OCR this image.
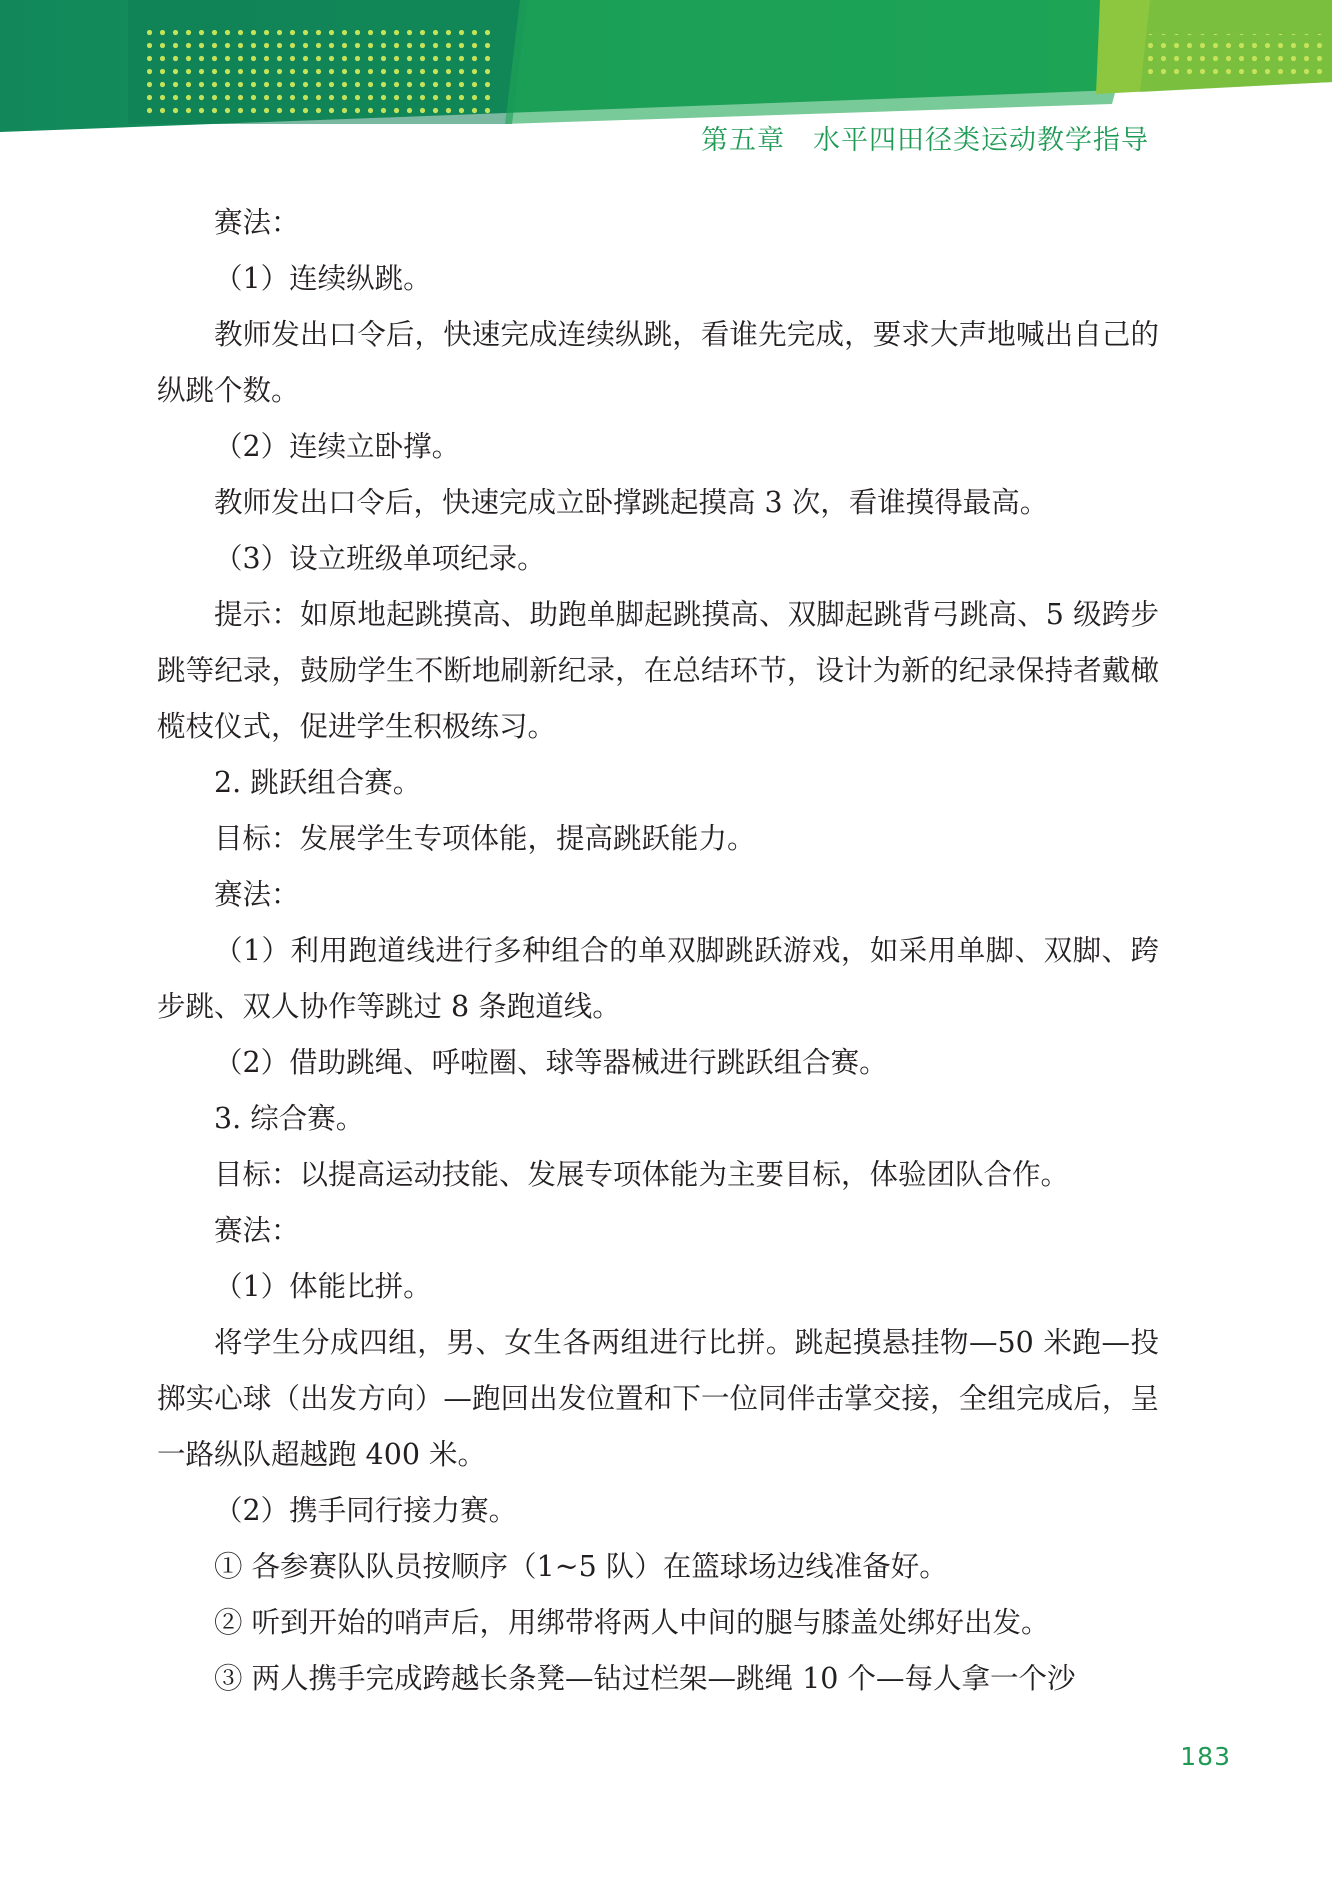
第五章　水平四田径类运动教学指导

赛法：

（1）连续纵跳。

教师发出口令后，快速完成连续纵跳，看谁先完成，要求大声地喊出自己的纵跳个数。

（2）连续立卧撑。

教师发出口令后，快速完成立卧撑跳起摸高 3 次，看谁摸得最高。

（3）设立班级单项纪录。

提示：如原地起跳摸高、助跑单脚起跳摸高、双脚起跳背弓跳高、5 级跨步跳等纪录，鼓励学生不断地刷新纪录，在总结环节，设计为新的纪录保持者戴橄榄枝仪式，促进学生积极练习。

2. 跳跃组合赛。

目标：发展学生专项体能，提高跳跃能力。

赛法：

（1）利用跑道线进行多种组合的单双脚跳跃游戏，如采用单脚、双脚、跨步跳、双人协作等跳过 8 条跑道线。

（2）借助跳绳、呼啦圈、球等器械进行跳跃组合赛。

3. 综合赛。

目标：以提高运动技能、发展专项体能为主要目标，体验团队合作。

赛法：

（1）体能比拼。

将学生分成四组，男、女生各两组进行比拼。跳起摸悬挂物—50 米跑—投掷实心球（出发方向）—跑回出发位置和下一位同伴击掌交接，全组完成后，呈一路纵队超越跑 400 米。

（2）携手同行接力赛。

① 各参赛队队员按顺序（1~5 队）在篮球场边线准备好。

② 听到开始的哨声后，用绑带将两人中间的腿与膝盖处绑好出发。

③ 两人携手完成跨越长条凳—钻过栏架—跳绳 10 个—每人拿一个沙

183
